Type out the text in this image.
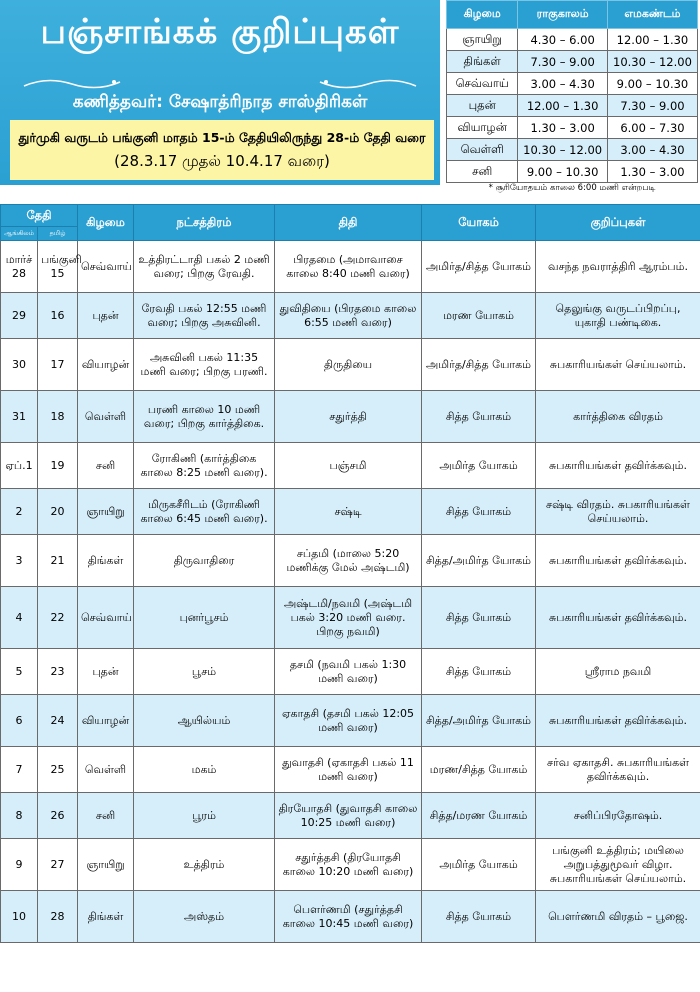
பஞ்சாங்கக் குறிப்புகள்
கணித்தவர்: சேஷாத்ரிநாத சாஸ்திரிகள்
துர்முகி வருடம் பங்குனி மாதம் 15-ம் தேதியிலிருந்து 28-ம் தேதி வரை
(28.3.17 முதல் 10.4.17 வரை)
கிழமை	ராகுகாலம்	எமகண்டம்
ஞாயிறு	4.30 – 6.00	12.00 – 1.30
திங்கள்	7.30 – 9.00	10.30 – 12.00
செவ்வாய்	3.00 – 4.30	9.00 – 10.30
புதன்	12.00 – 1.30	7.30 – 9.00
வியாழன்	1.30 – 3.00	6.00 – 7.30
வெள்ளி	10.30 – 12.00	3.00 – 4.30
சனி	9.00 – 10.30	1.30 – 3.00
* சூரியோதயம் காலை 6:00 மணி என்றபடி
தேதி		கிழமை	நட்சத்திரம்	திதி	யோகம்	குறிப்புகள்
ஆங்கிலம்	தமிழ்					
மார்ச் 28	பங்குனி 15	செவ்வாய்	உத்திரட்டாதி பகல் 2 மணி வரை; பிறகு ரேவதி.	பிரதமை (அமாவாசை காலை 8:40 மணி வரை)	அமிர்த/சித்த யோகம்	வசந்த நவராத்திரி ஆரம்பம்.
29	16	புதன்	ரேவதி பகல் 12:55 மணி வரை; பிறகு அசுவினி.	துவிதியை (பிரதமை காலை 6:55 மணி வரை)	மரண யோகம்	தெலுங்கு வருடப்பிறப்பு, யுகாதி பண்டிகை.
30	17	வியாழன்	அசுவினி பகல் 11:35 மணி வரை; பிறகு பரணி.	திருதியை	அமிர்த/சித்த யோகம்	சுபகாரியங்கள் செய்யலாம்.
31	18	வெள்ளி	பரணி காலை 10 மணி வரை; பிறகு கார்த்திகை.	சதுர்த்தி	சித்த யோகம்	கார்த்திகை விரதம்
ஏப்.1	19	சனி	ரோகிணி (கார்த்திகை காலை 8:25 மணி வரை).	பஞ்சமி	அமிர்த யோகம்	சுபகாரியங்கள் தவிர்க்கவும்.
2	20	ஞாயிறு	மிருகசீரிடம் (ரோகிணி காலை 6:45 மணி வரை).	சஷ்டி	சித்த யோகம்	சஷ்டி விரதம். சுபகாரியங்கள் செய்யலாம்.
3	21	திங்கள்	திருவாதிரை	சப்தமி (மாலை 5:20 மணிக்கு மேல் அஷ்டமி)	சித்த/அமிர்த யோகம்	சுபகாரியங்கள் தவிர்க்கவும்.
4	22	செவ்வாய்	புனர்பூசம்	அஷ்டமி/நவமி (அஷ்டமி பகல் 3:20 மணி வரை. பிறகு நவமி)	சித்த யோகம்	சுபகாரியங்கள் தவிர்க்கவும்.
5	23	புதன்	பூசம்	தசமி (நவமி பகல் 1:30 மணி வரை)	சித்த யோகம்	ஸ்ரீராம நவமி
6	24	வியாழன்	ஆயில்யம்	ஏகாதசி (தசமி பகல் 12:05 மணி வரை)	சித்த/அமிர்த யோகம்	சுபகாரியங்கள் தவிர்க்கவும்.
7	25	வெள்ளி	மகம்	துவாதசி (ஏகாதசி பகல் 11 மணி வரை)	மரண/சித்த யோகம்	சர்வ ஏகாதசி. சுபகாரியங்கள் தவிர்க்கவும்.
8	26	சனி	பூரம்	திரயோதசி (துவாதசி காலை 10:25 மணி வரை)	சித்த/மரண யோகம்	சனிப்பிரதோஷம்.
9	27	ஞாயிறு	உத்திரம்	சதுர்த்தசி (திரயோதசி காலை 10:20 மணி வரை)	அமிர்த யோகம்	பங்குனி உத்திரம்; மயிலை அறுபத்துமூவர் விழா. சுபகாரியங்கள் செய்யலாம்.
10	28	திங்கள்	அஸ்தம்	பௌர்ணமி (சதுர்த்தசி காலை 10:45 மணி வரை)	சித்த யோகம்	பௌர்ணமி விரதம் – பூஜை.
